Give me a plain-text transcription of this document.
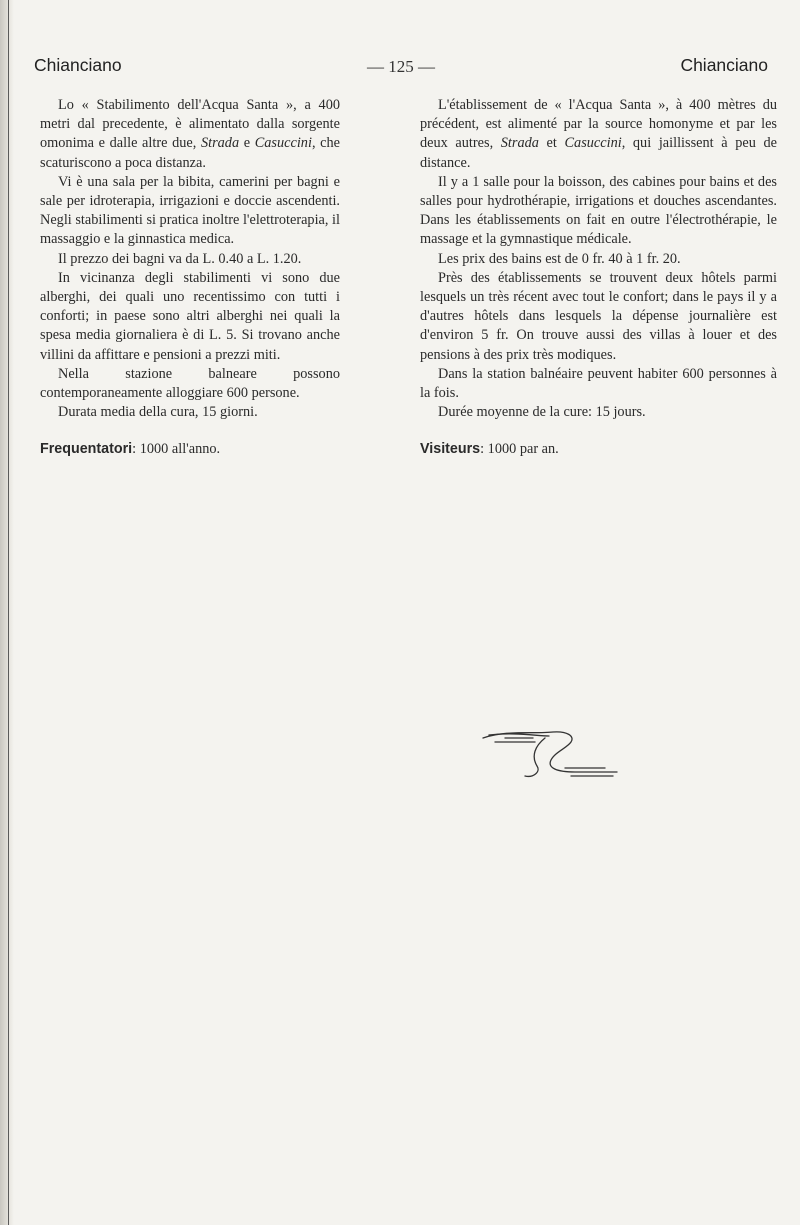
Chianciano	— 125 —	Chianciano

Lo « Stabilimento dell'Acqua Santa », a 400 metri dal precedente, è alimentato dalla sorgente omonima e dalle altre due, Strada e Casuccini, che scaturiscono a poca distanza.

Vi è una sala per la bibita, camerini per bagni e sale per idroterapia, irrigazioni e doccie ascendenti. Negli stabilimenti si pratica inoltre l'elettroterapia, il massaggio e la ginnastica medica.

Il prezzo dei bagni va da L. 0.40 a L. 1.20.

In vicinanza degli stabilimenti vi sono due alberghi, dei quali uno recentissimo con tutti i conforti; in paese sono altri alberghi nei quali la spesa media giornaliera è di L. 5. Si trovano anche villini da affittare e pensioni a prezzi miti.

Nella stazione balneare possono contemporaneamente alloggiare 600 persone.

Durata media della cura, 15 giorni.

Frequentatori: 1000 all'anno.

L'établissement de « l'Acqua Santa », à 400 mètres du précédent, est alimenté par la source homonyme et par les deux autres, Strada et Casuccini, qui jaillissent à peu de distance.

Il y a 1 salle pour la boisson, des cabines pour bains et des salles pour hydrothérapie, irrigations et douches ascendantes. Dans les établissements on fait en outre l'électrothérapie, le massage et la gymnastique médicale.

Les prix des bains est de 0 fr. 40 à 1 fr. 20.

Près des établissements se trouvent deux hôtels parmi lesquels un très récent avec tout le confort; dans le pays il y a d'autres hôtels dans lesquels la dépense journalière est d'environ 5 fr. On trouve aussi des villas à louer et des pensions à des prix très modiques.

Dans la station balnéaire peuvent habiter 600 personnes à la fois.

Durée moyenne de la cure: 15 jours.

Visiteurs: 1000 par an.
